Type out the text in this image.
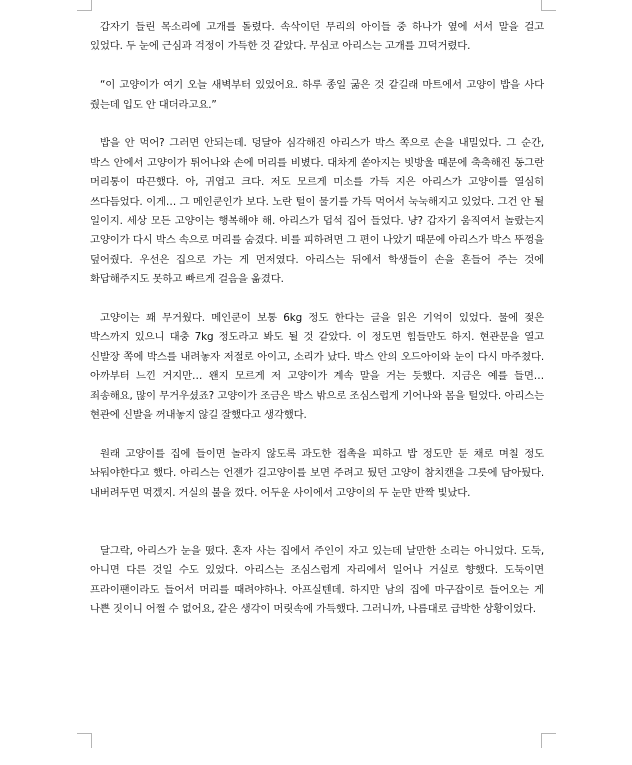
갑자기 들린 목소리에 고개를 돌렸다. 속삭이던 무리의 아이들 중 하나가 옆에 서서 말을 걸고 있었다. 두 눈에 근심과 걱정이 가득한 것 같았다. 무심코 아리스는 고개를 끄덕거렸다.

“이 고양이가 여기 오늘 새벽부터 있었어요. 하루 종일 굶은 것 같길래 마트에서 고양이 밥을 사다 줬는데 입도 안 대더라고요.”

밥을 안 먹어? 그러면 안되는데. 덩달아 심각해진 아리스가 박스 쪽으로 손을 내밀었다. 그 순간, 박스 안에서 고양이가 튀어나와 손에 머리를 비볐다. 대차게 쏟아지는 빗방울 때문에 축축해진 동그란 머리통이 따끈했다. 아, 귀엽고 크다. 저도 모르게 미소를 가득 지은 아리스가 고양이를 열심히 쓰다듬었다. 이게… 그 메인쿤인가 보다. 노란 털이 물기를 가득 먹어서 눅눅해지고 있었다. 그건 안 될 일이지. 세상 모든 고양이는 행복해야 해. 아리스가 덥석 집어 들었다. 냥? 갑자기 움직여서 놀랐는지 고양이가 다시 박스 속으로 머리를 숨겼다. 비를 피하려면 그 편이 나았기 때문에 아리스가 박스 뚜껑을 덮어줬다. 우선은 집으로 가는 게 먼저였다. 아리스는 뒤에서 학생들이 손을 흔들어 주는 것에 화답해주지도 못하고 빠르게 걸음을 옮겼다.

고양이는 꽤 무거웠다. 메인쿤이 보통 6kg 정도 한다는 글을 읽은 기억이 있었다. 물에 젖은 박스까지 있으니 대충 7kg 정도라고 봐도 될 것 같았다. 이 정도면 힘들만도 하지. 현관문을 열고 신발장 쪽에 박스를 내려놓자 저절로 아이고, 소리가 났다. 박스 안의 오드아이와 눈이 다시 마주쳤다. 아까부터 느낀 거지만… 왠지 모르게 저 고양이가 계속 말을 거는 듯했다. 지금은 예를 들면… 죄송해요, 많이 무거우셨죠? 고양이가 조금은 박스 밖으로 조심스럽게 기어나와 몸을 털었다. 아리스는 현관에 신발을 꺼내놓지 않길 잘했다고 생각했다.

원래 고양이를 집에 들이면 놀라지 않도록 과도한 접촉을 피하고 밥 정도만 둔 채로 며칠 정도 놔둬야한다고 했다. 아리스는 언젠가 길고양이를 보면 주려고 뒀던 고양이 참치캔을 그릇에 담아뒀다. 내버려두면 먹겠지. 거실의 불을 껐다. 어두운 사이에서 고양이의 두 눈만 반짝 빛났다.

달그락, 아리스가 눈을 떴다. 혼자 사는 집에서 주인이 자고 있는데 날만한 소리는 아니었다. 도둑, 아니면 다른 것일 수도 있었다. 아리스는 조심스럽게 자리에서 일어나 거실로 향했다. 도둑이면 프라이팬이라도 들어서 머리를 때려야하나. 아프실텐데. 하지만 남의 집에 마구잡이로 들어오는 게 나쁜 짓이니 어쩔 수 없어요, 같은 생각이 머릿속에 가득했다. 그러니까, 나름대로 급박한 상황이었다.
